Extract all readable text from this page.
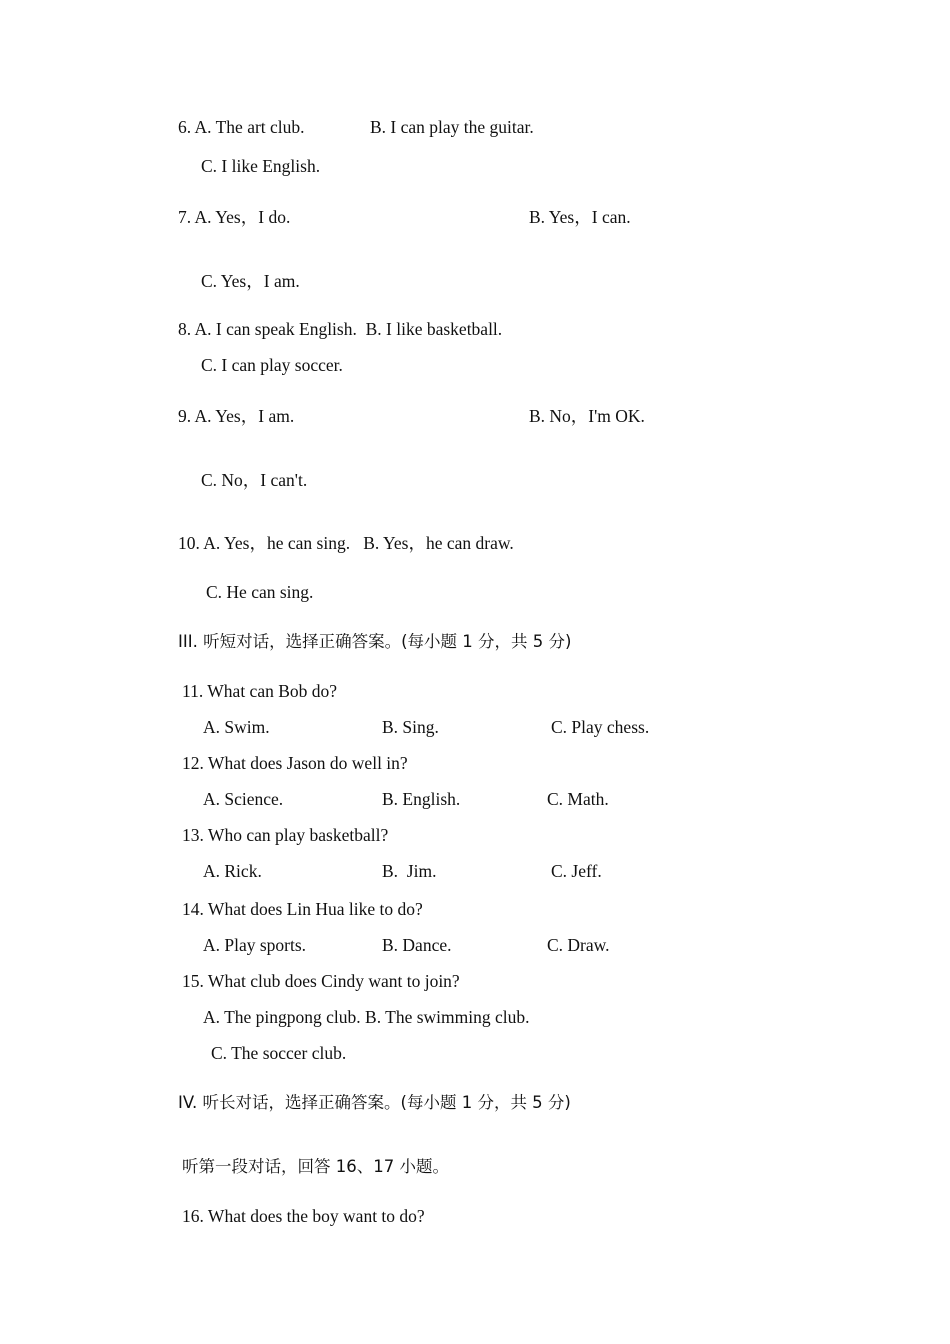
6. A. The art club.	B. I can play the guitar.
C. I like English.
7. A. Yes，I do.	B. Yes，I can.
C. Yes，I am.
8. A. I can speak English.  B. I like basketball.
C. I can play soccer.
9. A. Yes，I am.	B. No，I'm OK.
C. No，I can't.
10. A. Yes，he can sing.   B. Yes，he can draw.
C. He can sing.
III. 听短对话，选择正确答案。(每小题 1 分，共 5 分)
11. What can Bob do?
A. Swim.	B. Sing.	C. Play chess.
12. What does Jason do well in?
A. Science.	B. English.	C. Math.
13. Who can play basketball?
A. Rick.	B.  Jim.	C. Jeff.
14. What does Lin Hua like to do?
A. Play sports.	B. Dance.	C. Draw.
15. What club does Cindy want to join?
A. The pingpong club. B. The swimming club.
C. The soccer club.
IV. 听长对话，选择正确答案。(每小题 1 分，共 5 分)
听第一段对话，回答 16、17 小题。
16. What does the boy want to do?
